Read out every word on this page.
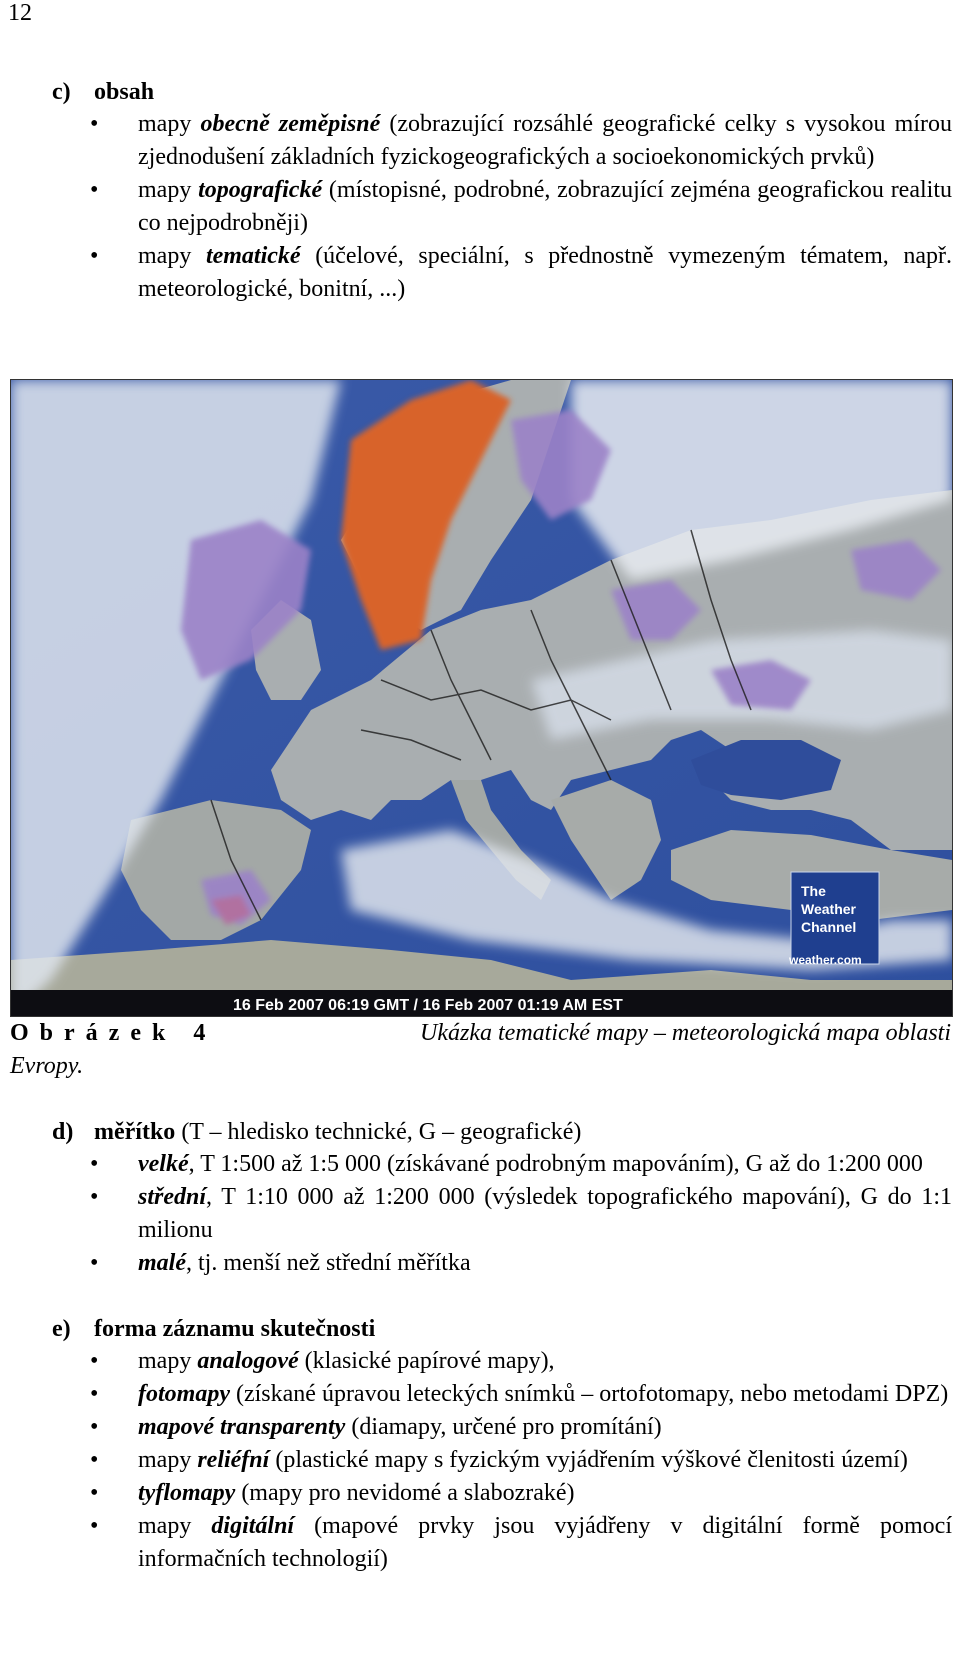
12
c) obsah
• mapy obecně zeměpisné (zobrazující rozsáhlé geografické celky s vysokou mírou zjednodušení základních fyzickogeografických a socioekonomických prvků)
• mapy topografické (místopisné, podrobné, zobrazující zejména geografickou realitu co nejpodrobněji)
• mapy tematické (účelové, speciální, s přednostně vymezeným tématem, např. meteorologické, bonitní, ...)
The
Weather
Channel
weather.com
16 Feb 2007 06:19 GMT / 16 Feb 2007 01:19 AM EST
Obrázek 4	Ukázka tematické mapy – meteorologická mapa oblasti
Evropy.
d) měřítko (T – hledisko technické, G – geografické)
• velké, T 1:500 až 1:5 000 (získávané podrobným mapováním), G až do 1:200 000
• střední, T 1:10 000 až 1:200 000 (výsledek topografického mapování), G do 1:1 milionu
• malé, tj. menší než střední měřítka
e) forma záznamu skutečnosti
• mapy analogové (klasické papírové mapy),
• fotomapy (získané úpravou leteckých snímků – ortofotomapy, nebo metodami DPZ)
• mapové transparenty (diamapy, určené pro promítání)
• mapy reliéfní (plastické mapy s fyzickým vyjádřením výškové členitosti území)
• tyflomapy (mapy pro nevidomé a slabozraké)
• mapy digitální (mapové prvky jsou vyjádřeny v digitální formě pomocí informačních technologií)
